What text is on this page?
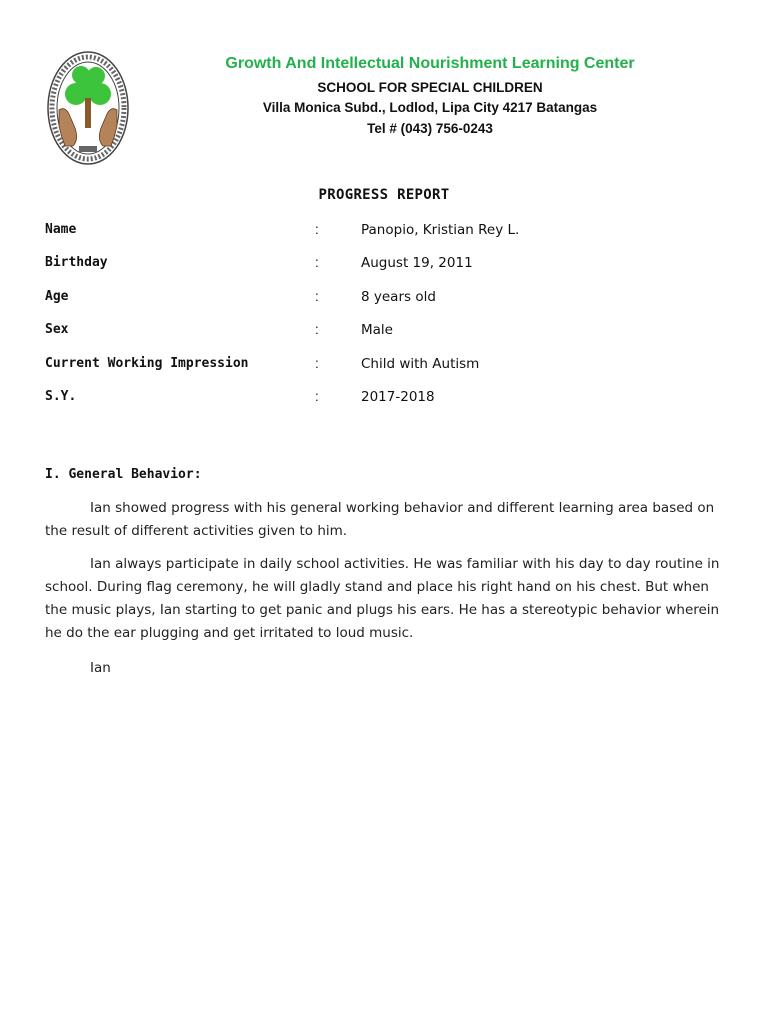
Growth And Intellectual Nourishment Learning Center
SCHOOL FOR SPECIAL CHILDREN
Villa Monica Subd., Lodlod, Lipa City 4217 Batangas
Tel # (043) 756-0243
PROGRESS REPORT
Name	:	Panopio, Kristian Rey L.
Birthday	:	August 19, 2011
Age	:	8 years old
Sex	:	Male
Current Working Impression	:	Child with Autism
S.Y.	:	2017-2018
I. General Behavior:

Ian showed progress with his general working behavior and different learning area based on the result of different activities given to him.

Ian always participate in daily school activities. He was familiar with his day to day routine in school. During flag ceremony, he will gladly stand and place his right hand on his chest. But when the music plays, Ian starting to get panic and plugs his ears. He has a stereotypic behavior wherein he do the ear plugging and get irritated to loud music.

Ian
